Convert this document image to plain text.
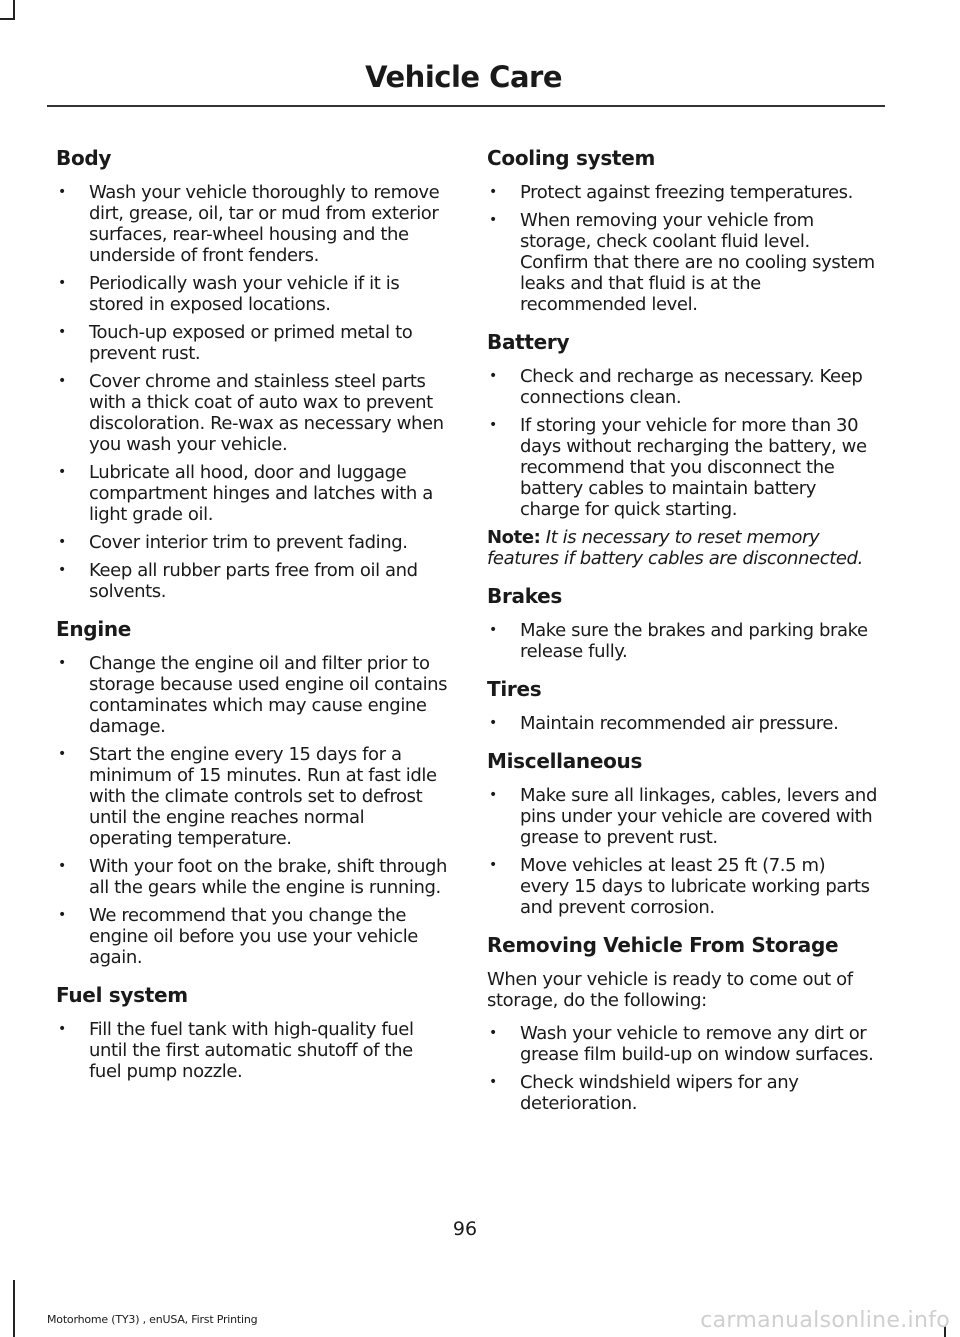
Vehicle Care
Body
• Wash your vehicle thoroughly to remove dirt, grease, oil, tar or mud from exterior surfaces, rear-wheel housing and the underside of front fenders.
• Periodically wash your vehicle if it is stored in exposed locations.
• Touch-up exposed or primed metal to prevent rust.
• Cover chrome and stainless steel parts with a thick coat of auto wax to prevent discoloration. Re-wax as necessary when you wash your vehicle.
• Lubricate all hood, door and luggage compartment hinges and latches with a light grade oil.
• Cover interior trim to prevent fading.
• Keep all rubber parts free from oil and solvents.
Engine
• Change the engine oil and filter prior to storage because used engine oil contains contaminates which may cause engine damage.
• Start the engine every 15 days for a minimum of 15 minutes. Run at fast idle with the climate controls set to defrost until the engine reaches normal operating temperature.
• With your foot on the brake, shift through all the gears while the engine is running.
• We recommend that you change the engine oil before you use your vehicle again.
Fuel system
• Fill the fuel tank with high-quality fuel until the first automatic shutoff of the fuel pump nozzle.
Cooling system
• Protect against freezing temperatures.
• When removing your vehicle from storage, check coolant fluid level. Confirm that there are no cooling system leaks and that fluid is at the recommended level.
Battery
• Check and recharge as necessary. Keep connections clean.
• If storing your vehicle for more than 30 days without recharging the battery, we recommend that you disconnect the battery cables to maintain battery charge for quick starting.

Note: It is necessary to reset memory features if battery cables are disconnected.

Brakes
• Make sure the brakes and parking brake release fully.
Tires
• Maintain recommended air pressure.
Miscellaneous
• Make sure all linkages, cables, levers and pins under your vehicle are covered with grease to prevent rust.
• Move vehicles at least 25 ft (7.5 m) every 15 days to lubricate working parts and prevent corrosion.
Removing Vehicle From Storage

When your vehicle is ready to come out of storage, do the following:

• Wash your vehicle to remove any dirt or grease film build-up on window surfaces.
• Check windshield wipers for any deterioration.
96
Motorhome (TY3) , enUSA, First Printing	carmanualsonline.info
